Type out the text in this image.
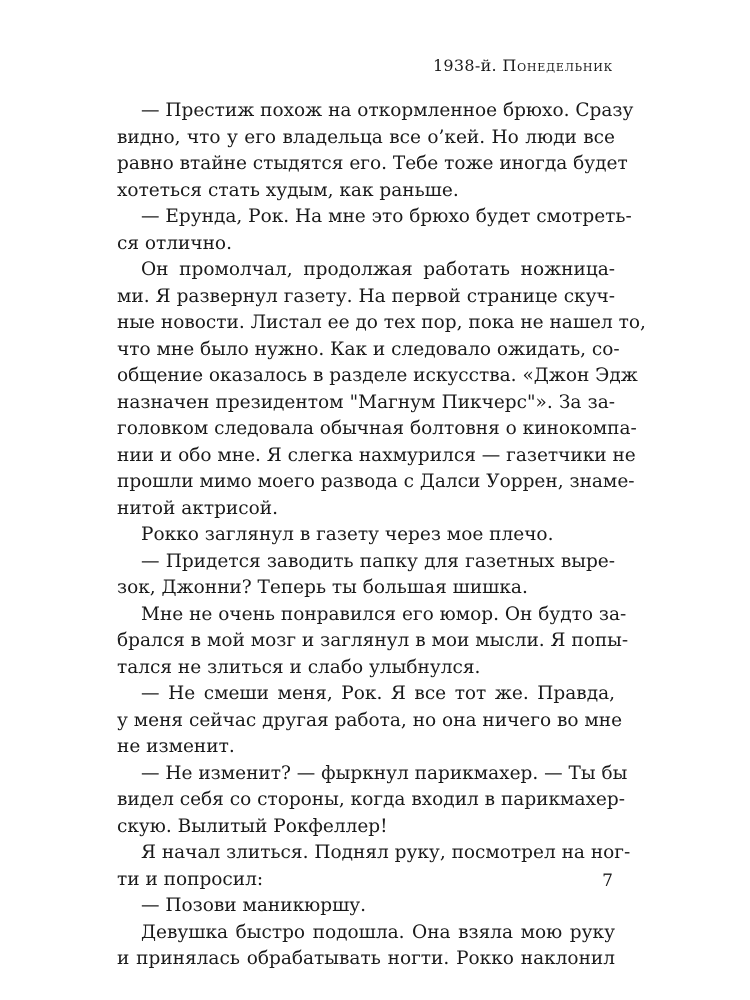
1938-й. Понедельник
— Престиж похож на откормленное брюхо. Сразу
видно, что у его владельца все о’кей. Но люди все
равно втайне стыдятся его. Тебе тоже иногда будет
хотеться стать худым, как раньше.
— Ерунда, Рок. На мне это брюхо будет смотреть-
ся отлично.
Он промолчал, продолжая работать ножница-
ми. Я развернул газету. На первой странице скуч-
ные новости. Листал ее до тех пор, пока не нашел то,
что мне было нужно. Как и следовало ожидать, со-
общение оказалось в разделе искусства. «Джон Эдж
назначен президентом "Магнум Пикчерс"». За за-
головком следовала обычная болтовня о кинокомпа-
нии и обо мне. Я слегка нахмурился — газетчики не
прошли мимо моего развода с Далси Уоррен, знаме-
нитой актрисой.
Рокко заглянул в газету через мое плечо.
— Придется заводить папку для газетных выре-
зок, Джонни? Теперь ты большая шишка.
Мне не очень понравился его юмор. Он будто за-
брался в мой мозг и заглянул в мои мысли. Я попы-
тался не злиться и слабо улыбнулся.
— Не смеши меня, Рок. Я все тот же. Правда,
у меня сейчас другая работа, но она ничего во мне
не изменит.
— Не изменит? — фыркнул парикмахер. — Ты бы
видел себя со стороны, когда входил в парикмахер-
скую. Вылитый Рокфеллер!
Я начал злиться. Поднял руку, посмотрел на ног-
ти и попросил:
— Позови маникюршу.
Девушка быстро подошла. Она взяла мою руку
и принялась обрабатывать ногти. Рокко наклонил
7
